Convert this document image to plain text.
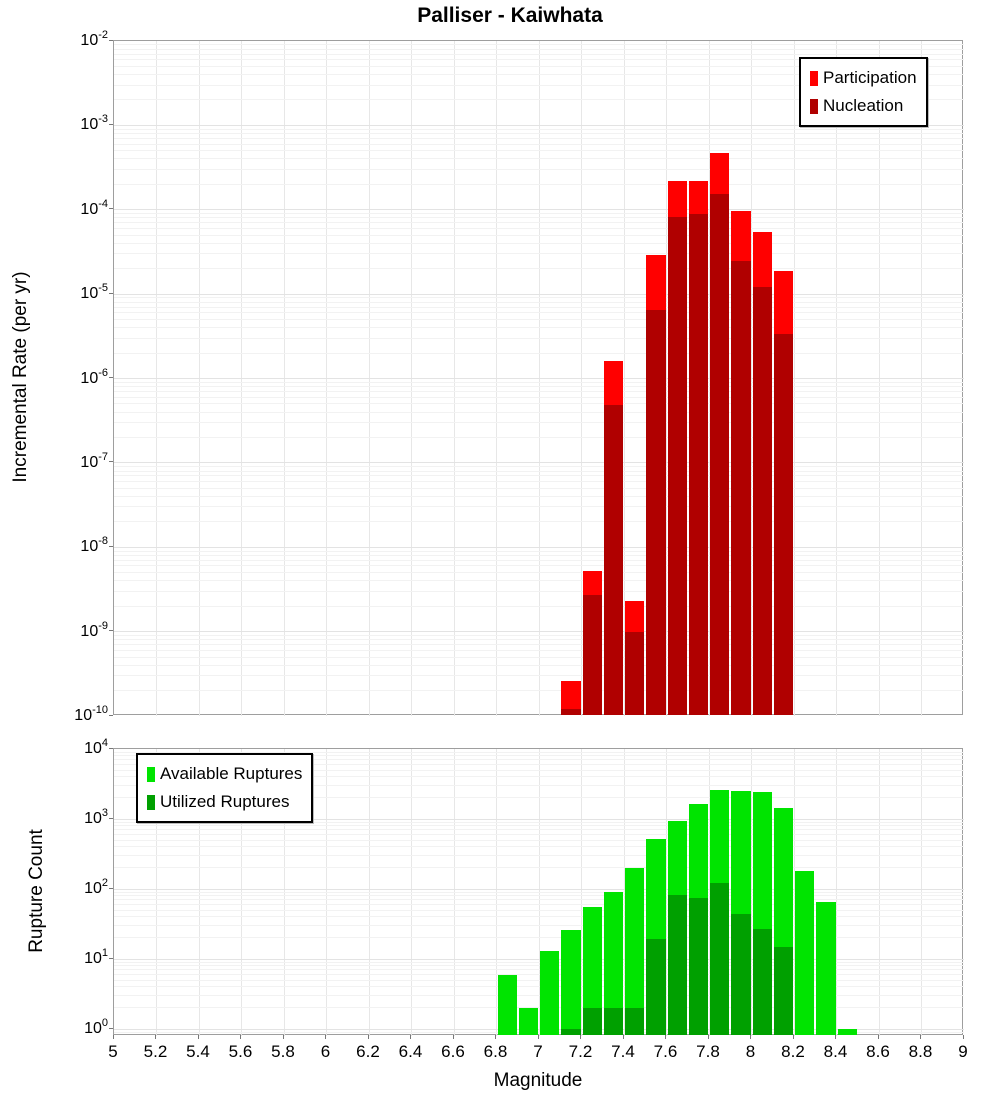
Palliser - Kaiwhata
Incremental Rate (per yr)
Rupture Count
Magnitude
Participation
Nucleation
Available Ruptures
Utilized Ruptures
$10^{-2}$
$10^{-3}$
$10^{-4}$
$10^{-5}$
$10^{-6}$
$10^{-7}$
$10^{-8}$
$10^{-9}$
$10^{-10}$
$10^4$
$10^3$
$10^2$
$10^1$
$10^0$
5 5.2 5.4 5.6 5.8 6 6.2 6.4 6.6 6.8 7 7.2 7.4 7.6 7.8 8 8.2 8.4 8.6 8.8 9
